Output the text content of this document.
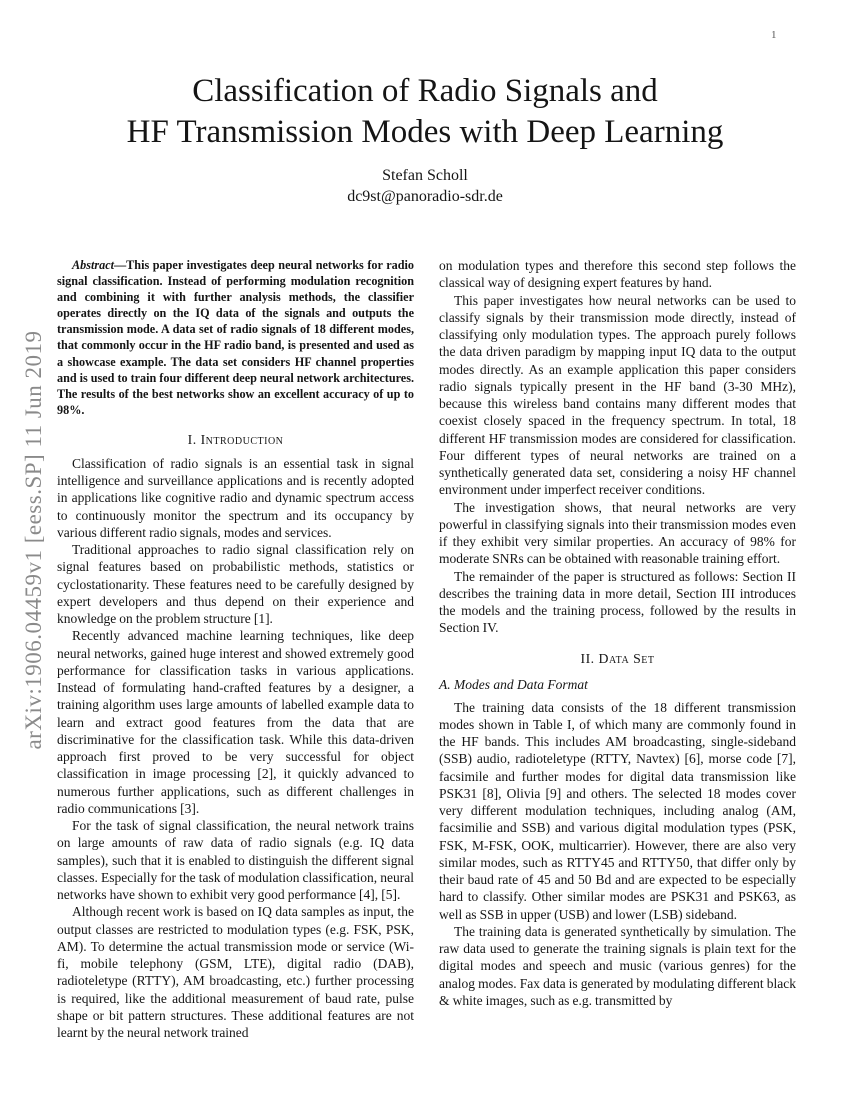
1
arXiv:1906.04459v1 [eess.SP] 11 Jun 2019
Classification of Radio Signals and
HF Transmission Modes with Deep Learning
Stefan Scholl
dc9st@panoradio-sdr.de

Abstract—This paper investigates deep neural networks for radio signal classification. Instead of performing modulation recognition and combining it with further analysis methods, the classifier operates directly on the IQ data of the signals and outputs the transmission mode. A data set of radio signals of 18 different modes, that commonly occur in the HF radio band, is presented and used as a showcase example. The data set considers HF channel properties and is used to train four different deep neural network architectures. The results of the best networks show an excellent accuracy of up to 98%.

I. Introduction

Classification of radio signals is an essential task in signal intelligence and surveillance applications and is recently adopted in applications like cognitive radio and dynamic spectrum access to continuously monitor the spectrum and its occupancy by various different radio signals, modes and services.

Traditional approaches to radio signal classification rely on signal features based on probabilistic methods, statistics or cyclostationarity. These features need to be carefully designed by expert developers and thus depend on their experience and knowledge on the problem structure [1].

Recently advanced machine learning techniques, like deep neural networks, gained huge interest and showed extremely good performance for classification tasks in various applications. Instead of formulating hand-crafted features by a designer, a training algorithm uses large amounts of labelled example data to learn and extract good features from the data that are discriminative for the classification task. While this data-driven approach first proved to be very successful for object classification in image processing [2], it quickly advanced to numerous further applications, such as different challenges in radio communications [3].

For the task of signal classification, the neural network trains on large amounts of raw data of radio signals (e.g. IQ data samples), such that it is enabled to distinguish the different signal classes. Especially for the task of modulation classification, neural networks have shown to exhibit very good performance [4], [5].

Although recent work is based on IQ data samples as input, the output classes are restricted to modulation types (e.g. FSK, PSK, AM). To determine the actual transmission mode or service (Wi-fi, mobile telephony (GSM, LTE), digital radio (DAB), radioteletype (RTTY), AM broadcasting, etc.) further processing is required, like the additional measurement of baud rate, pulse shape or bit pattern structures. These additional features are not learnt by the neural network trained

on modulation types and therefore this second step follows the classical way of designing expert features by hand.

This paper investigates how neural networks can be used to classify signals by their transmission mode directly, instead of classifying only modulation types. The approach purely follows the data driven paradigm by mapping input IQ data to the output modes directly. As an example application this paper considers radio signals typically present in the HF band (3-30 MHz), because this wireless band contains many different modes that coexist closely spaced in the frequency spectrum. In total, 18 different HF transmission modes are considered for classification. Four different types of neural networks are trained on a synthetically generated data set, considering a noisy HF channel environment under imperfect receiver conditions.

The investigation shows, that neural networks are very powerful in classifying signals into their transmission modes even if they exhibit very similar properties. An accuracy of 98% for moderate SNRs can be obtained with reasonable training effort.

The remainder of the paper is structured as follows: Section II describes the training data in more detail, Section III introduces the models and the training process, followed by the results in Section IV.

II. Data Set
A. Modes and Data Format

The training data consists of the 18 different transmission modes shown in Table I, of which many are commonly found in the HF bands. This includes AM broadcasting, single-sideband (SSB) audio, radioteletype (RTTY, Navtex) [6], morse code [7], facsimile and further modes for digital data transmission like PSK31 [8], Olivia [9] and others. The selected 18 modes cover very different modulation techniques, including analog (AM, facsimilie and SSB) and various digital modulation types (PSK, FSK, M-FSK, OOK, multicarrier). However, there are also very similar modes, such as RTTY45 and RTTY50, that differ only by their baud rate of 45 and 50 Bd and are expected to be especially hard to classify. Other similar modes are PSK31 and PSK63, as well as SSB in upper (USB) and lower (LSB) sideband.

The training data is generated synthetically by simulation. The raw data used to generate the training signals is plain text for the digital modes and speech and music (various genres) for the analog modes. Fax data is generated by modulating different black & white images, such as e.g. transmitted by
